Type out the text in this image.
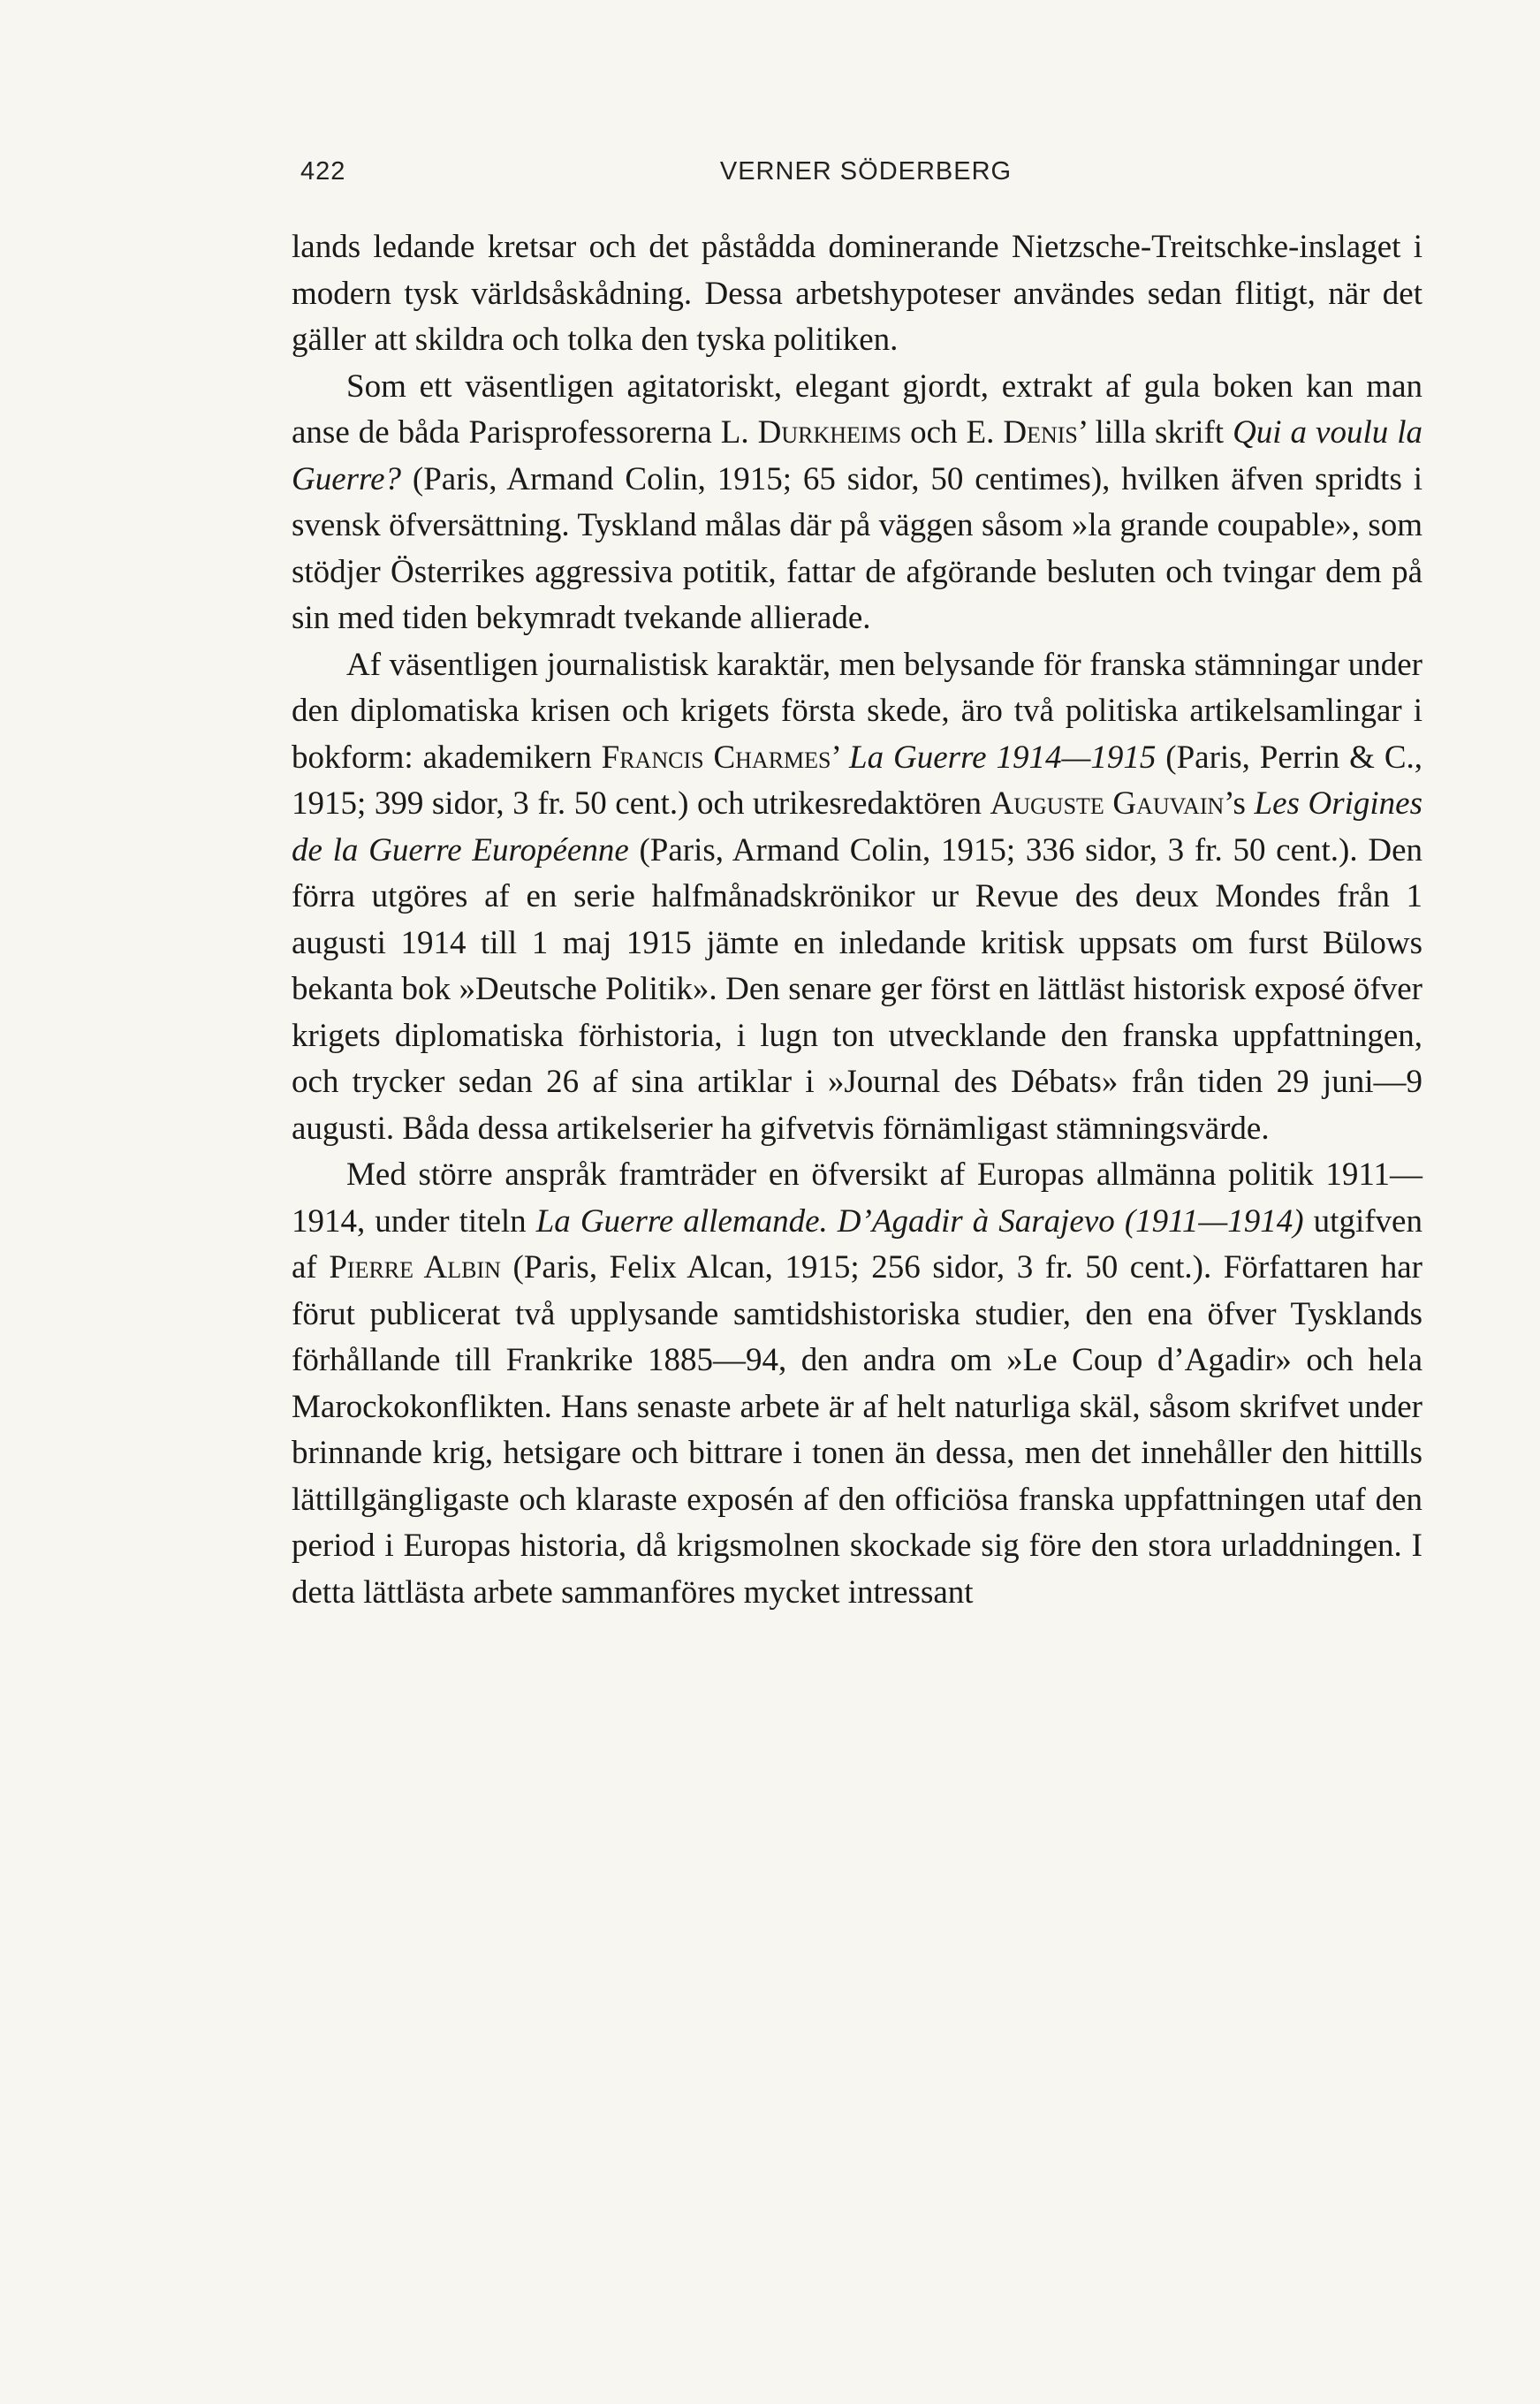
422	VERNER SÖDERBERG

lands ledande kretsar och det påstådda dominerande Nietzsche-Treitschke-inslaget i modern tysk världsåskådning. Dessa arbetshypoteser användes sedan flitigt, när det gäller att skildra och tolka den tyska politiken.

Som ett väsentligen agitatoriskt, elegant gjordt, extrakt af gula boken kan man anse de båda Parisprofessorerna L. Durkheims och E. Denis’ lilla skrift Qui a voulu la Guerre? (Paris, Armand Colin, 1915; 65 sidor, 50 centimes), hvilken äfven spridts i svensk öfversättning. Tyskland målas där på väggen såsom »la grande coupable», som stödjer Österrikes aggressiva potitik, fattar de afgörande besluten och tvingar dem på sin med tiden bekymradt tvekande allierade.

Af väsentligen journalistisk karaktär, men belysande för franska stämningar under den diplomatiska krisen och krigets första skede, äro två politiska artikelsamlingar i bokform: akademikern Francis Charmes’ La Guerre 1914—1915 (Paris, Perrin & C., 1915; 399 sidor, 3 fr. 50 cent.) och utrikesredaktören Auguste Gauvain’s Les Origines de la Guerre Européenne (Paris, Armand Colin, 1915; 336 sidor, 3 fr. 50 cent.). Den förra utgöres af en serie halfmånadskrönikor ur Revue des deux Mondes från 1 augusti 1914 till 1 maj 1915 jämte en inledande kritisk uppsats om furst Bülows bekanta bok »Deutsche Politik». Den senare ger först en lättläst historisk exposé öfver krigets diplomatiska förhistoria, i lugn ton utvecklande den franska uppfattningen, och trycker sedan 26 af sina artiklar i »Journal des Débats» från tiden 29 juni—9 augusti. Båda dessa artikelserier ha gifvetvis förnämligast stämningsvärde.

Med större anspråk framträder en öfversikt af Europas allmänna politik 1911—1914, under titeln La Guerre allemande. D’Agadir à Sarajevo (1911—1914) utgifven af Pierre Albin (Paris, Felix Alcan, 1915; 256 sidor, 3 fr. 50 cent.). Författaren har förut publicerat två upplysande samtidshistoriska studier, den ena öfver Tysklands förhållande till Frankrike 1885—94, den andra om »Le Coup d’Agadir» och hela Marockokonflikten. Hans senaste arbete är af helt naturliga skäl, såsom skrifvet under brinnande krig, hetsigare och bittrare i tonen än dessa, men det innehåller den hittills lättillgängligaste och klaraste exposén af den officiösa franska uppfattningen utaf den period i Europas historia, då krigsmolnen skockade sig före den stora urladdningen. I detta lättlästa arbete sammanföres mycket intressant
